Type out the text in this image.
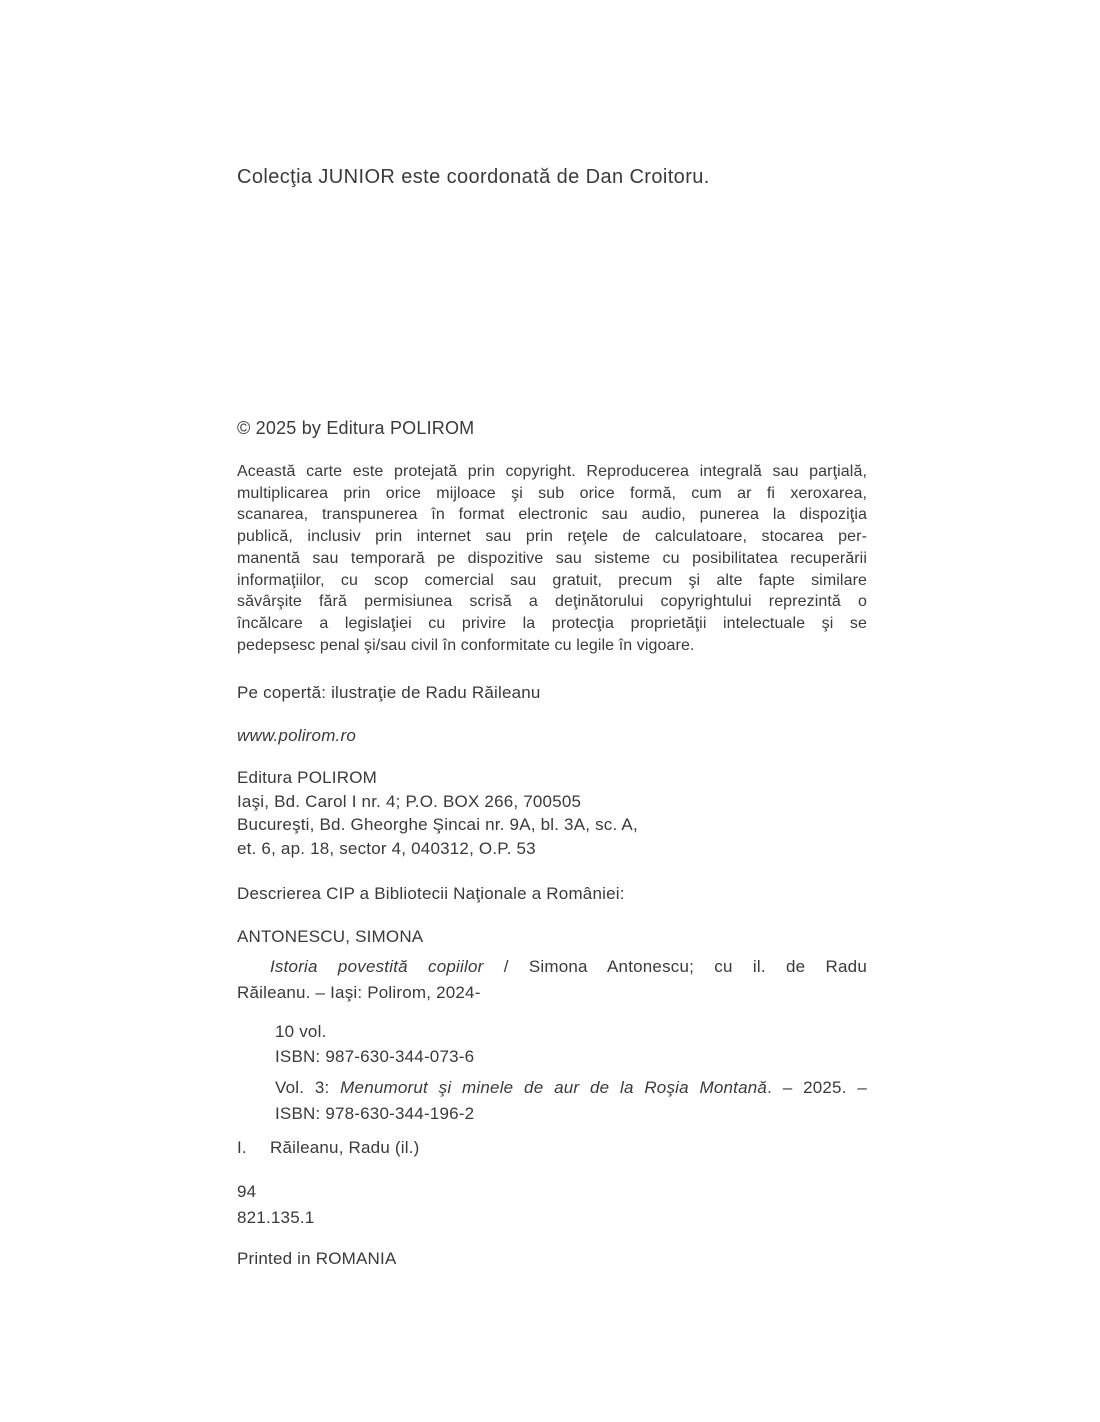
Colecţia JUNIOR este coordonată de Dan Croitoru.
© 2025 by Editura POLIROM
Această carte este protejată prin copyright. Reproducerea integrală sau parţială,
multiplicarea prin orice mijloace şi sub orice formă, cum ar fi xeroxarea,
scanarea, transpunerea în format electronic sau audio, punerea la dispoziţia
publică, inclusiv prin internet sau prin reţele de calculatoare, stocarea per-
manentă sau temporară pe dispozitive sau sisteme cu posibilitatea recuperării
informaţiilor, cu scop comercial sau gratuit, precum şi alte fapte similare
săvârşite fără permisiunea scrisă a deţinătorului copyrightului reprezintă o
încălcare a legislaţiei cu privire la protecţia proprietăţii intelectuale şi se
pedepsesc penal şi/sau civil în conformitate cu legile în vigoare.
Pe copertă: ilustraţie de Radu Răileanu
www.polirom.ro
Editura POLIROM
Iaşi, Bd. Carol I nr. 4; P.O. BOX 266, 700505
Bucureşti, Bd. Gheorghe Şincai nr. 9A, bl. 3A, sc. A,
et. 6, ap. 18, sector 4, 040312, O.P. 53
Descrierea CIP a Bibliotecii Naţionale a României:
ANTONESCU, SIMONA
Istoria povestită copiilor / Simona Antonescu; cu il. de Radu
Răileanu. – Iaşi: Polirom, 2024-
10 vol.
ISBN: 987-630-344-073-6
Vol. 3: Menumorut şi minele de aur de la Roşia Montană. – 2025. –
ISBN: 978-630-344-196-2
I. Răileanu, Radu (il.)
94
821.135.1
Printed in ROMANIA
